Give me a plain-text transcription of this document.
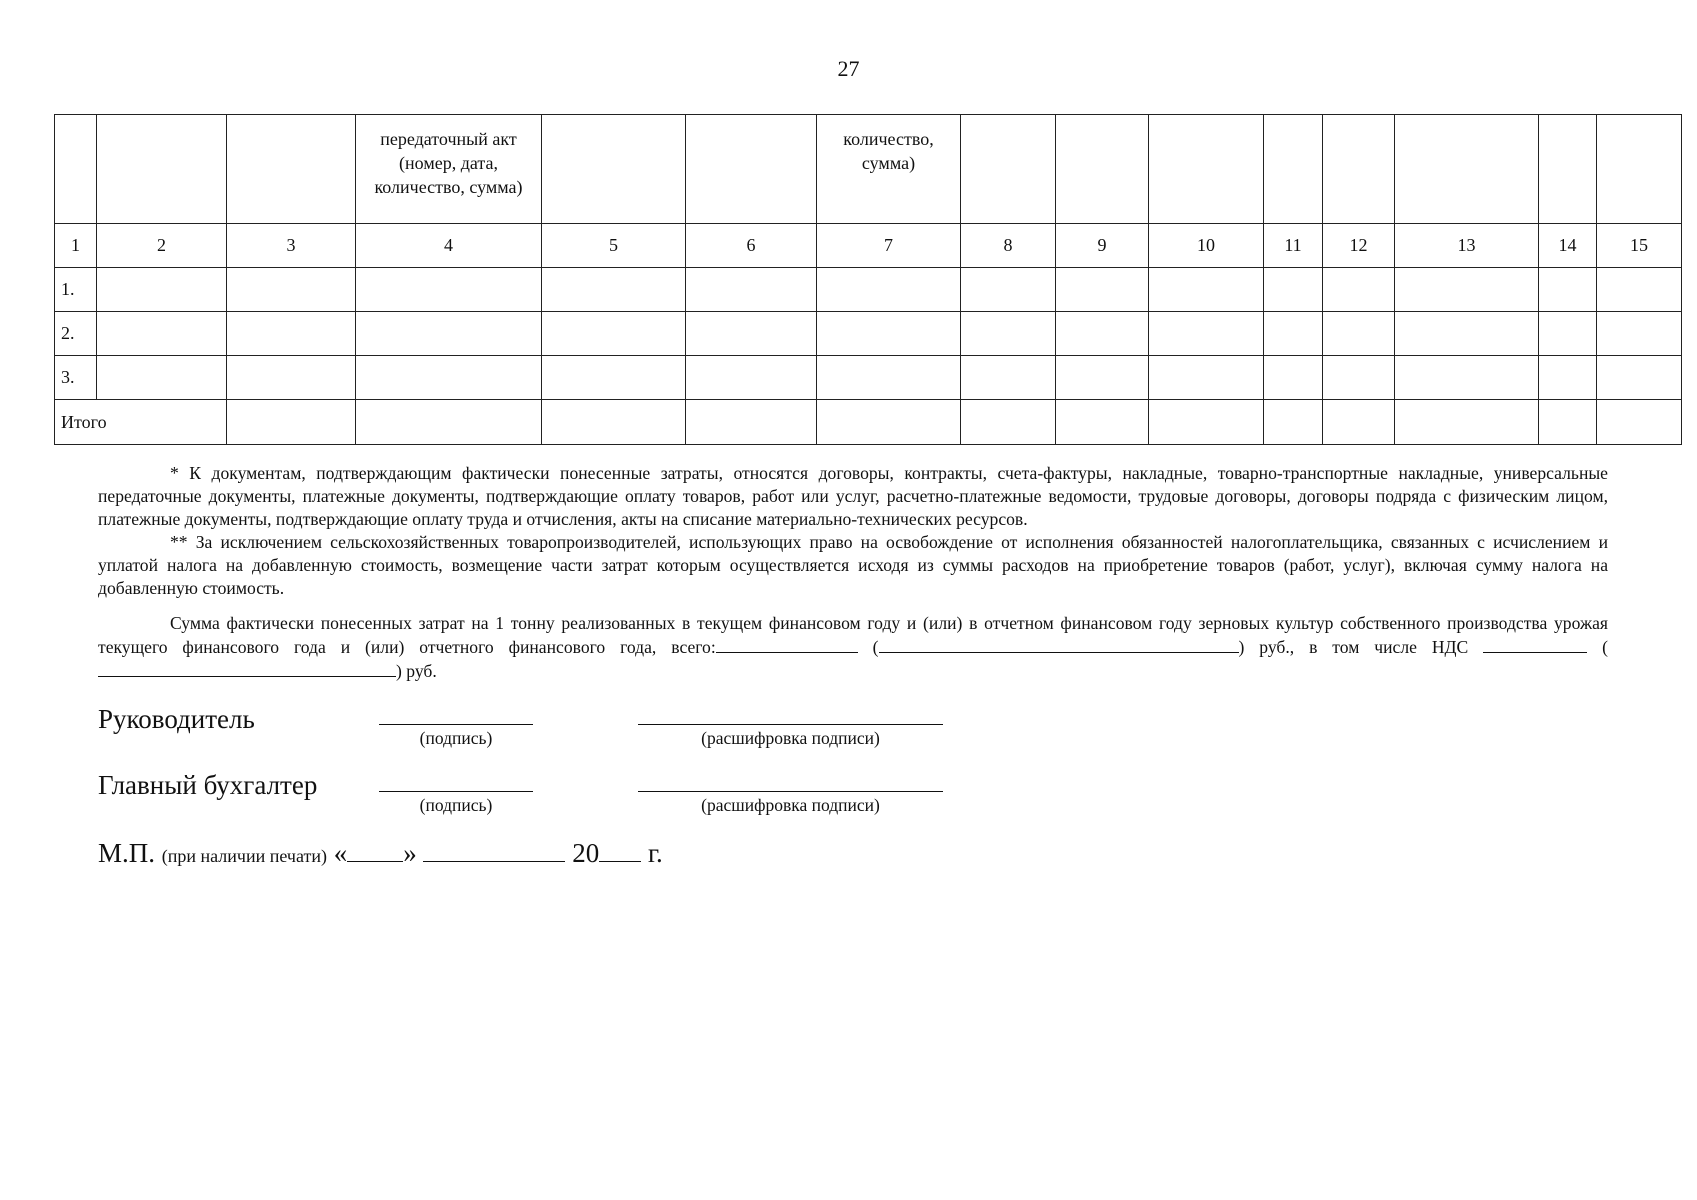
27
			передаточный акт (номер, дата, количество, сумма)			количество, сумма)								
1	2	3	4	5	6	7	8	9	10	11	12	13	14	15
1.														
2.														
3.														
Итого														

* К документам, подтверждающим фактически понесенные затраты, относятся договоры, контракты, счета-фактуры, накладные, товарно-транспортные накладные, универсальные передаточные документы, платежные документы, подтверждающие оплату товаров, работ или услуг, расчетно-платежные ведомости, трудовые договоры, договоры подряда с физическим лицом, платежные документы, подтверждающие оплату труда и отчисления, акты на списание материально-технических ресурсов.

** За исключением сельскохозяйственных товаропроизводителей, использующих право на освобождение от исполнения обязанностей налогоплательщика, связанных с исчислением и уплатой налога на добавленную стоимость, возмещение части затрат которым осуществляется исходя из суммы расходов на приобретение товаров (работ, услуг), включая сумму налога на добавленную стоимость.

Сумма фактически понесенных затрат на 1 тонну реализованных в текущем финансовом году и (или) в отчетном финансовом году зерновых культур собственного производства урожая текущего финансового года и (или) отчетного финансового года, всего:	(	) руб., в том числе НДС	() руб.

Руководитель
(подпись)	(расшифровка подписи)
Главный бухгалтер
(подпись)	(расшифровка подписи)
М.П. (при наличии печати) « »	20 г.
